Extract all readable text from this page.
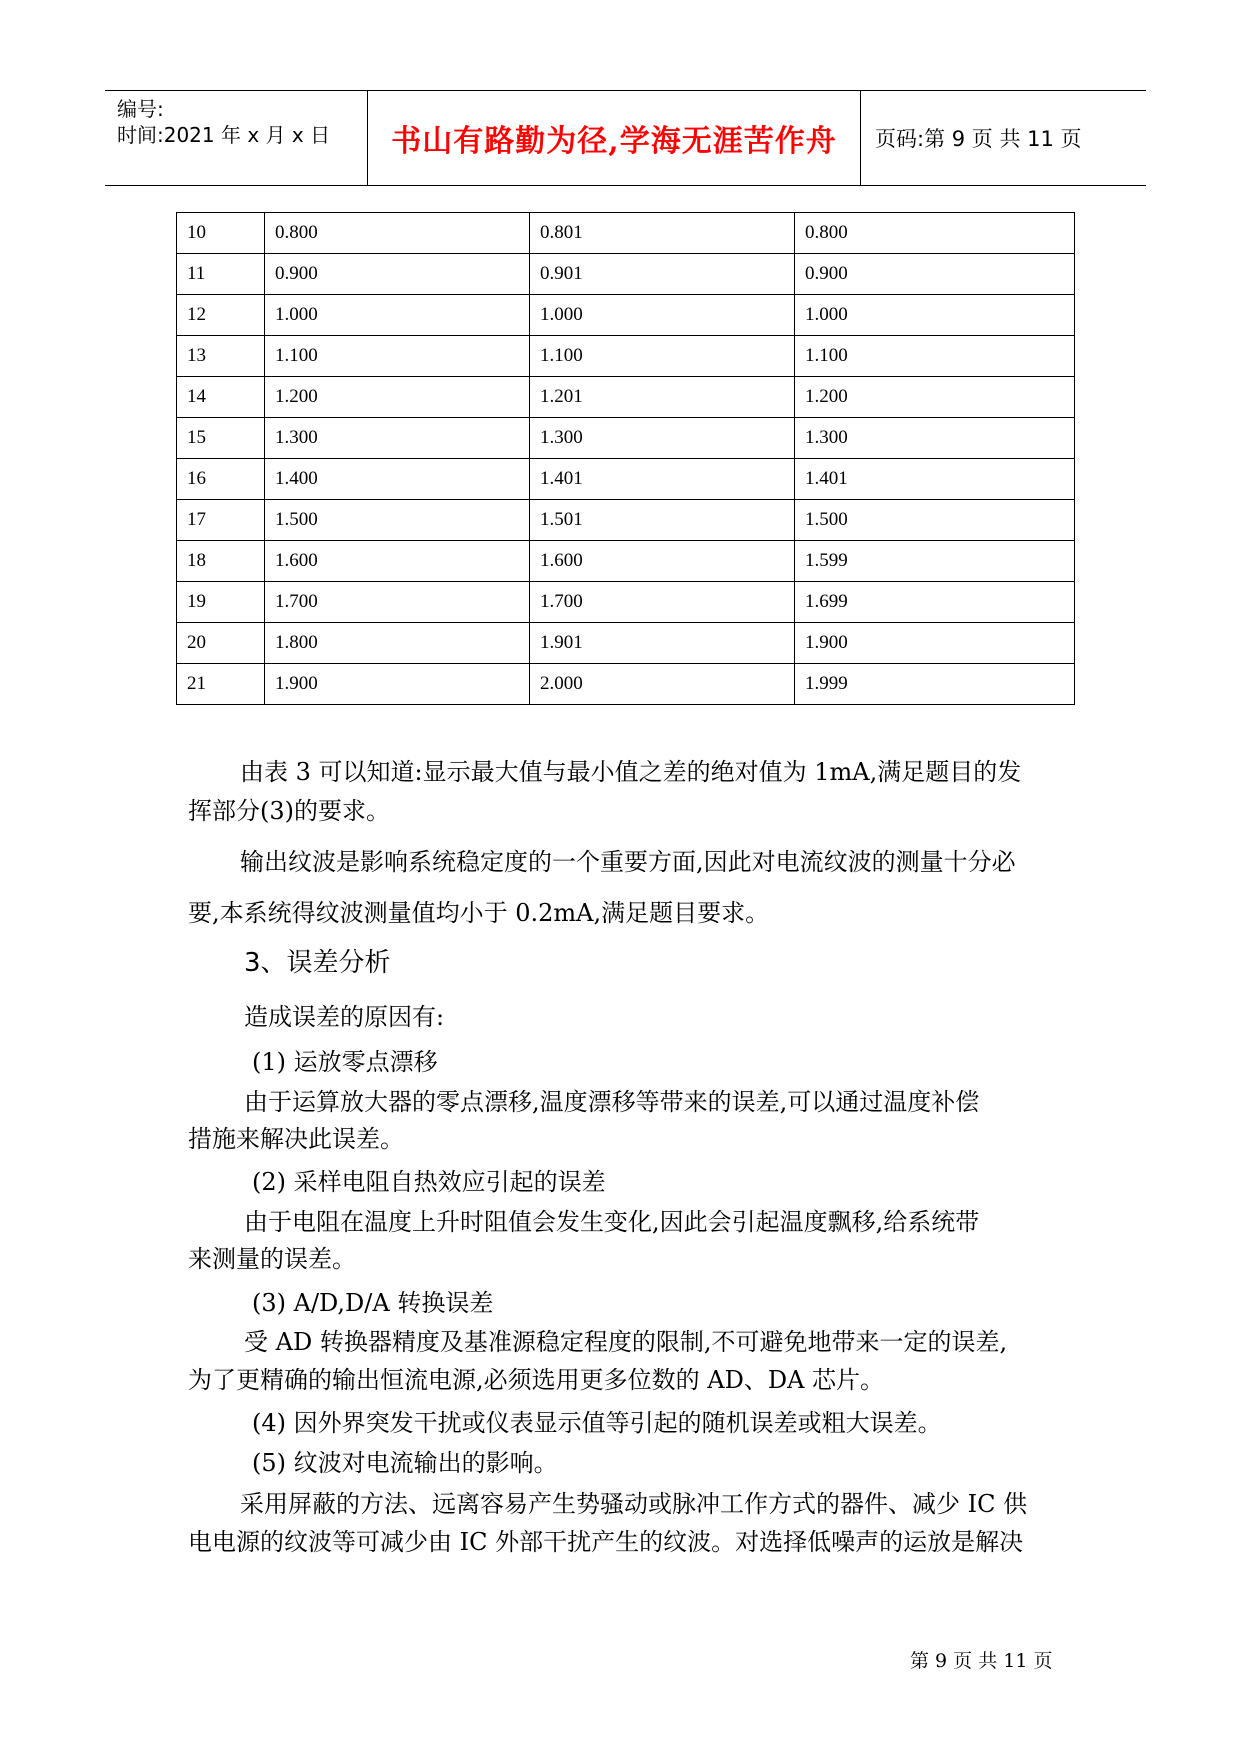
编号:
时间:2021 年 x 月 x 日 书山有路勤为径,学海无涯苦作舟 页码:第 9 页 共 11 页
10	0.800	0.801	0.800
11	0.900	0.901	0.900
12	1.000	1.000	1.000
13	1.100	1.100	1.100
14	1.200	1.201	1.200
15	1.300	1.300	1.300
16	1.400	1.401	1.401
17	1.500	1.501	1.500
18	1.600	1.600	1.599
19	1.700	1.700	1.699
20	1.800	1.901	1.900
21	1.900	2.000	1.999
由表 3 可以知道:显示最大值与最小值之差的绝对值为 1mA,满足题目的发
挥部分(3)的要求。
输出纹波是影响系统稳定度的一个重要方面,因此对电流纹波的测量十分必
要,本系统得纹波测量值均小于 0.2mA,满足题目要求。
3、误差分析
造成误差的原因有:
(1) 运放零点漂移
由于运算放大器的零点漂移,温度漂移等带来的误差,可以通过温度补偿
措施来解决此误差。
(2) 采样电阻自热效应引起的误差
由于电阻在温度上升时阻值会发生变化,因此会引起温度飘移,给系统带
来测量的误差。
(3) A/D,D/A 转换误差
受 AD 转换器精度及基准源稳定程度的限制,不可避免地带来一定的误差,
为了更精确的输出恒流电源,必须选用更多位数的 AD、DA 芯片。
(4) 因外界突发干扰或仪表显示值等引起的随机误差或粗大误差。
(5) 纹波对电流输出的影响。
采用屏蔽的方法、远离容易产生势骚动或脉冲工作方式的器件、减少 IC 供
电电源的纹波等可减少由 IC 外部干扰产生的纹波。对选择低噪声的运放是解决
第 9 页 共 11 页
